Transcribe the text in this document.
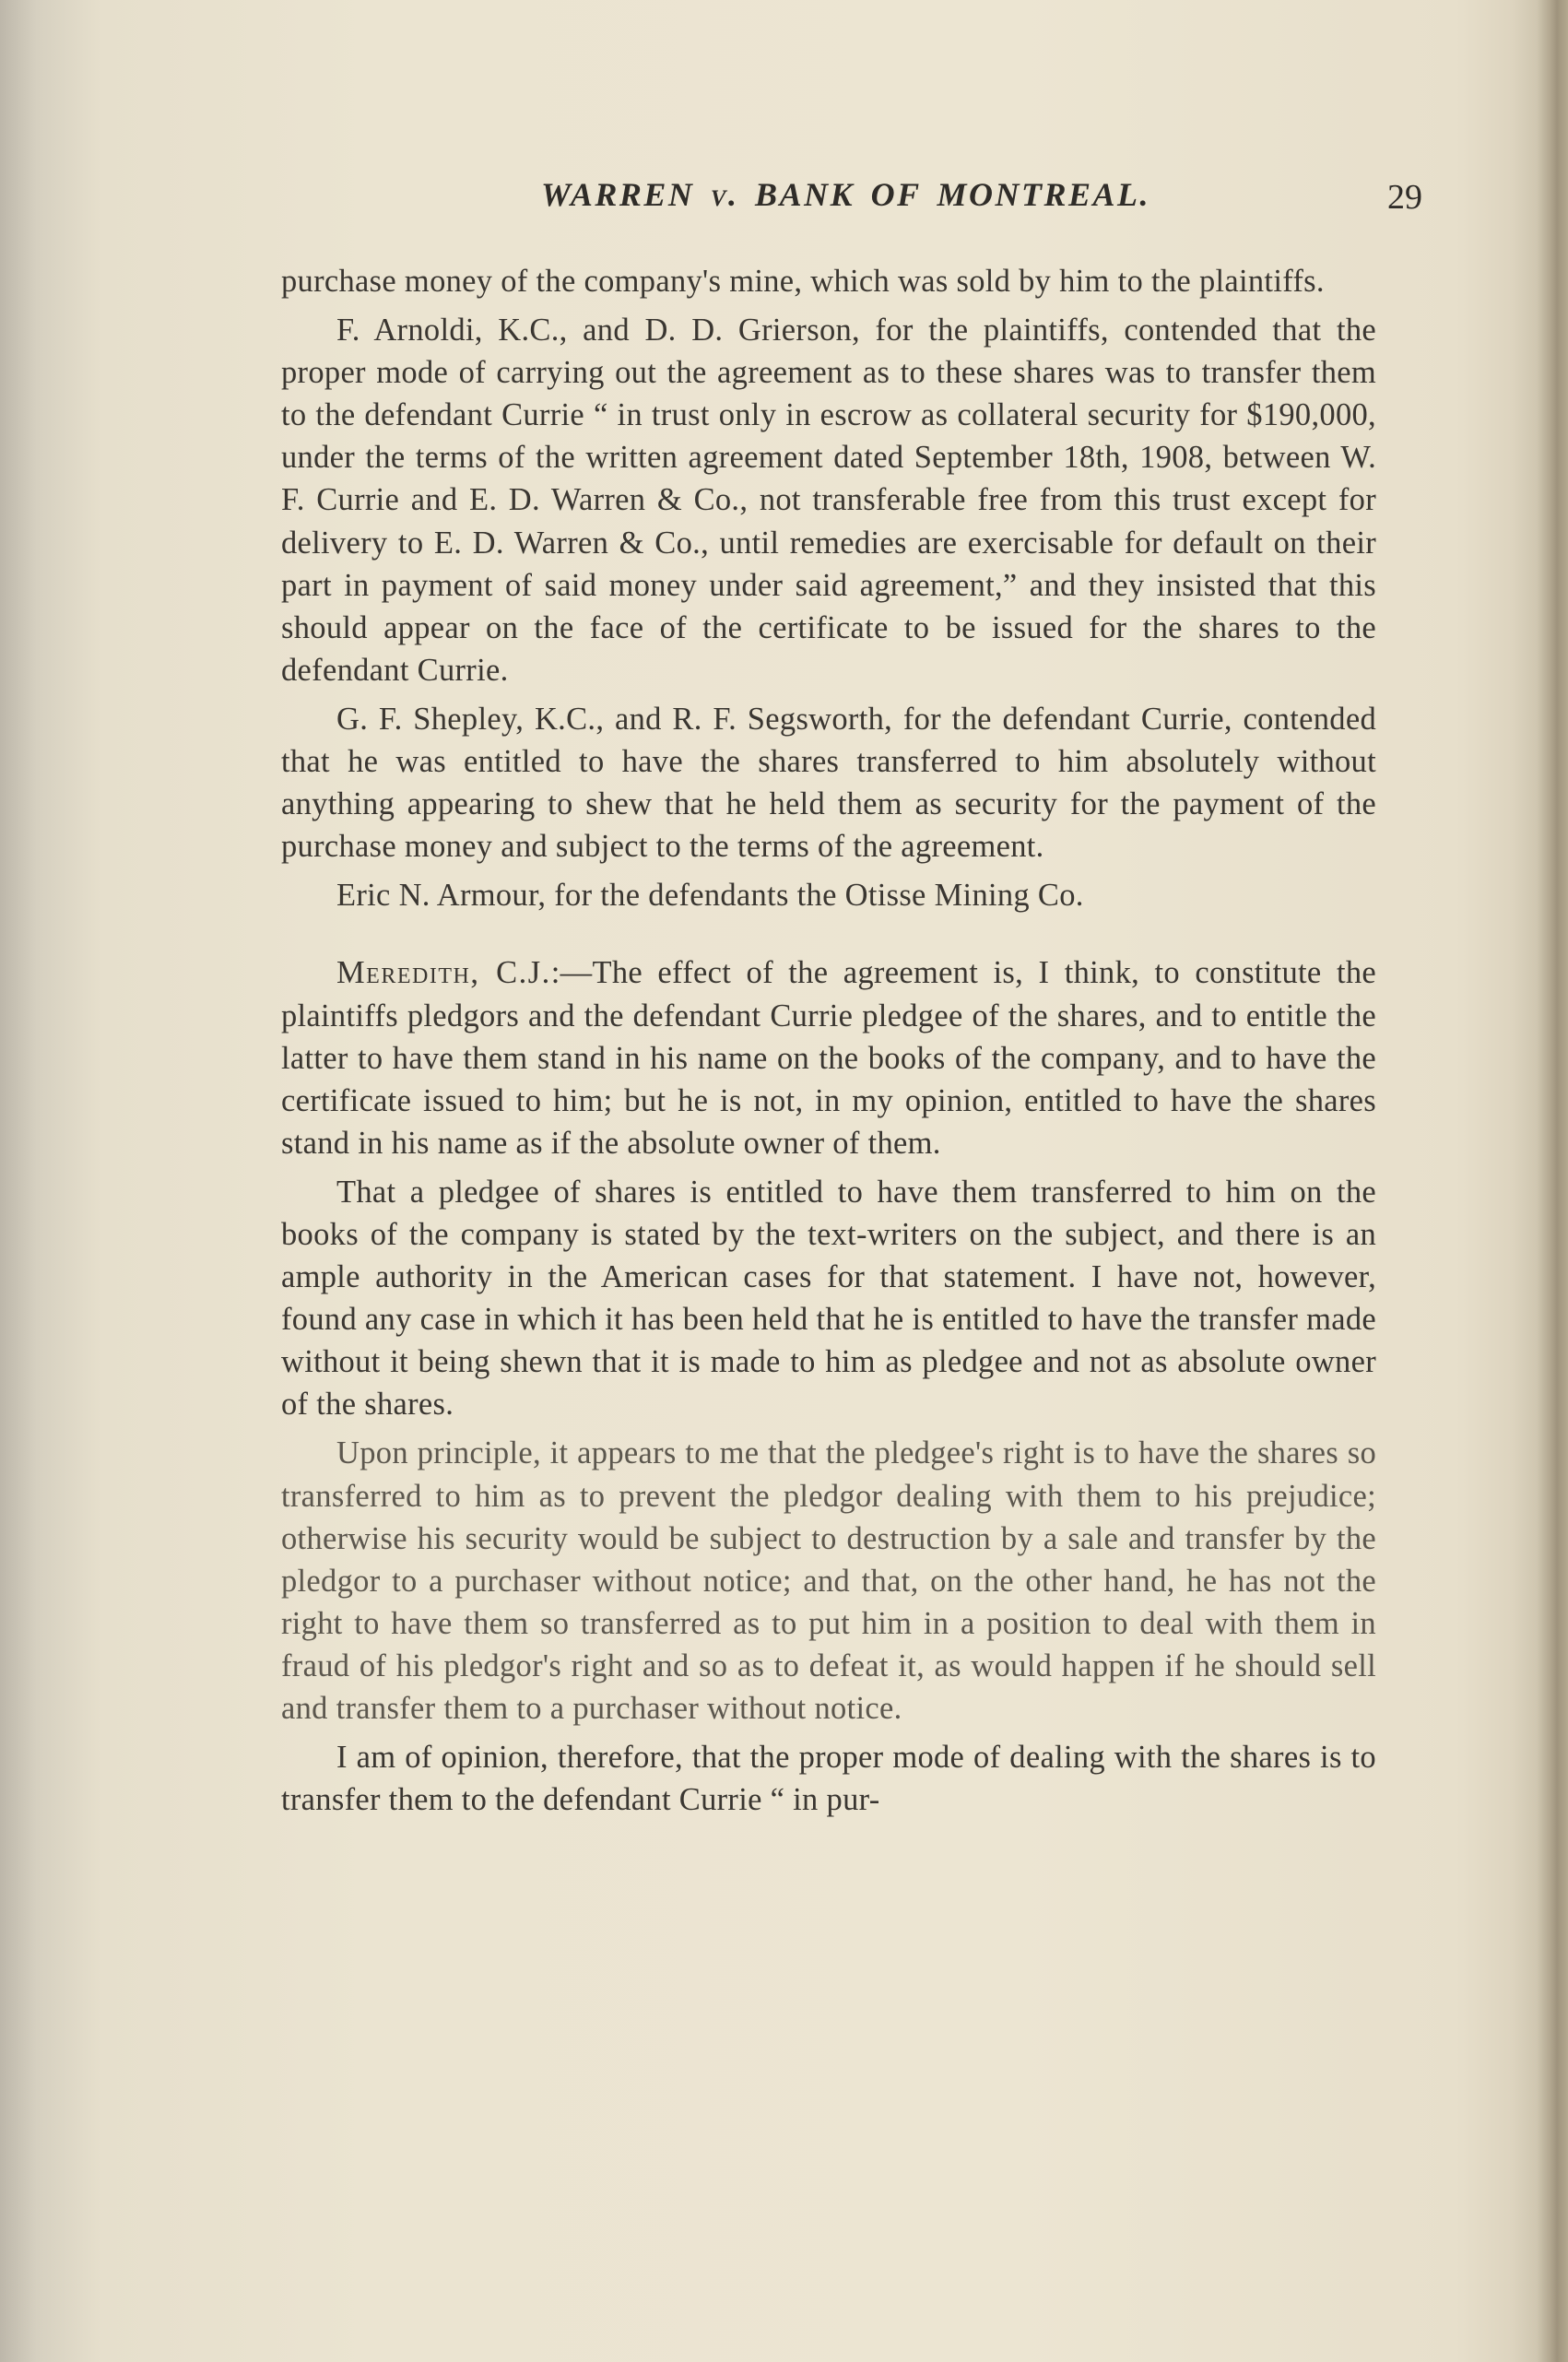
WARREN v. BANK OF MONTREAL.	29

purchase money of the company's mine, which was sold by him to the plaintiffs.

F. Arnoldi, K.C., and D. D. Grierson, for the plaintiffs, contended that the proper mode of carrying out the agreement as to these shares was to transfer them to the defendant Currie “ in trust only in escrow as collateral security for $190,000, under the terms of the written agreement dated September 18th, 1908, between W. F. Currie and E. D. Warren & Co., not transferable free from this trust except for delivery to E. D. Warren & Co., until remedies are exercisable for default on their part in payment of said money under said agreement,” and they insisted that this should appear on the face of the certificate to be issued for the shares to the defendant Currie.

G. F. Shepley, K.C., and R. F. Segsworth, for the defendant Currie, contended that he was entitled to have the shares transferred to him absolutely without anything appearing to shew that he held them as security for the payment of the purchase money and subject to the terms of the agreement.

Eric N. Armour, for the defendants the Otisse Mining Co.

Meredith, C.J.:—The effect of the agreement is, I think, to constitute the plaintiffs pledgors and the defendant Currie pledgee of the shares, and to entitle the latter to have them stand in his name on the books of the company, and to have the certificate issued to him; but he is not, in my opinion, entitled to have the shares stand in his name as if the absolute owner of them.

That a pledgee of shares is entitled to have them transferred to him on the books of the company is stated by the text-writers on the subject, and there is an ample authority in the American cases for that statement. I have not, however, found any case in which it has been held that he is entitled to have the transfer made without it being shewn that it is made to him as pledgee and not as absolute owner of the shares.

Upon principle, it appears to me that the pledgee's right is to have the shares so transferred to him as to prevent the pledgor dealing with them to his prejudice; otherwise his security would be subject to destruction by a sale and transfer by the pledgor to a purchaser without notice; and that, on the other hand, he has not the right to have them so transferred as to put him in a position to deal with them in fraud of his pledgor's right and so as to defeat it, as would happen if he should sell and transfer them to a purchaser without notice.

I am of opinion, therefore, that the proper mode of dealing with the shares is to transfer them to the defendant Currie “ in pur-
